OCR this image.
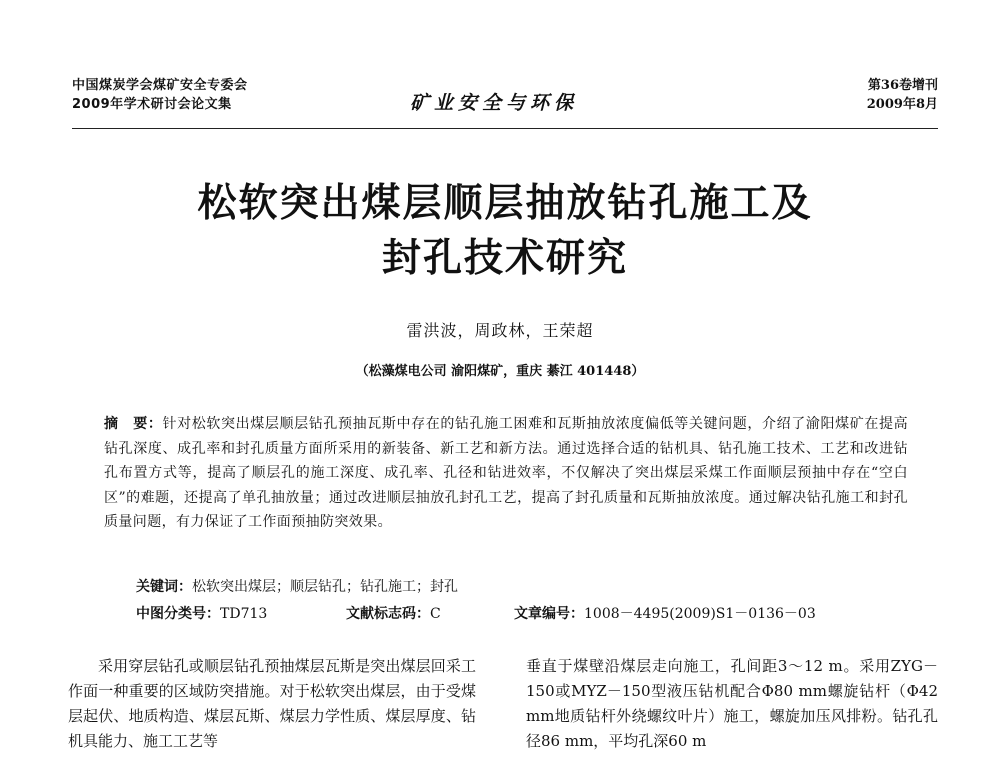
中国煤炭学会煤矿安全专委会
2009年学术研讨会论文集	矿业安全与环保
第36卷增刊
2009年8月
松软突出煤层顺层抽放钻孔施工及
封孔技术研究
雷洪波，周政林，王荣超
（松藻煤电公司 渝阳煤矿，重庆 綦江 401448）
摘　要：针对松软突出煤层顺层钻孔预抽瓦斯中存在的钻孔施工困难和瓦斯抽放浓度偏低等关键问题，介绍了渝阳煤矿在提高钻孔深度、成孔率和封孔质量方面所采用的新装备、新工艺和新方法。通过选择合适的钻机具、钻孔施工技术、工艺和改进钻孔布置方式等，提高了顺层孔的施工深度、成孔率、孔径和钻进效率，不仅解决了突出煤层采煤工作面顺层预抽中存在“空白区”的难题，还提高了单孔抽放量；通过改进顺层抽放孔封孔工艺，提高了封孔质量和瓦斯抽放浓度。通过解决钻孔施工和封孔质量问题，有力保证了工作面预抽防突效果。
关键词：松软突出煤层；顺层钻孔；钻孔施工；封孔
中图分类号：TD713	文献标志码：C	文章编号：1008－4495(2009)S1－0136－03
采用穿层钻孔或顺层钻孔预抽煤层瓦斯是突出煤层回采工作面一种重要的区域防突措施。对于松软突出煤层，由于受煤层起伏、地质构造、煤层瓦斯、煤层力学性质、煤层厚度、钻机具能力、施工工艺等
垂直于煤壁沿煤层走向施工，孔间距3～12 m。采用ZYG－150或MYZ－150型液压钻机配合Φ80 mm螺旋钻杆（Φ42 mm地质钻杆外绕螺纹叶片）施工，螺旋加压风排粉。钻孔孔径86 mm，平均孔深60 m
